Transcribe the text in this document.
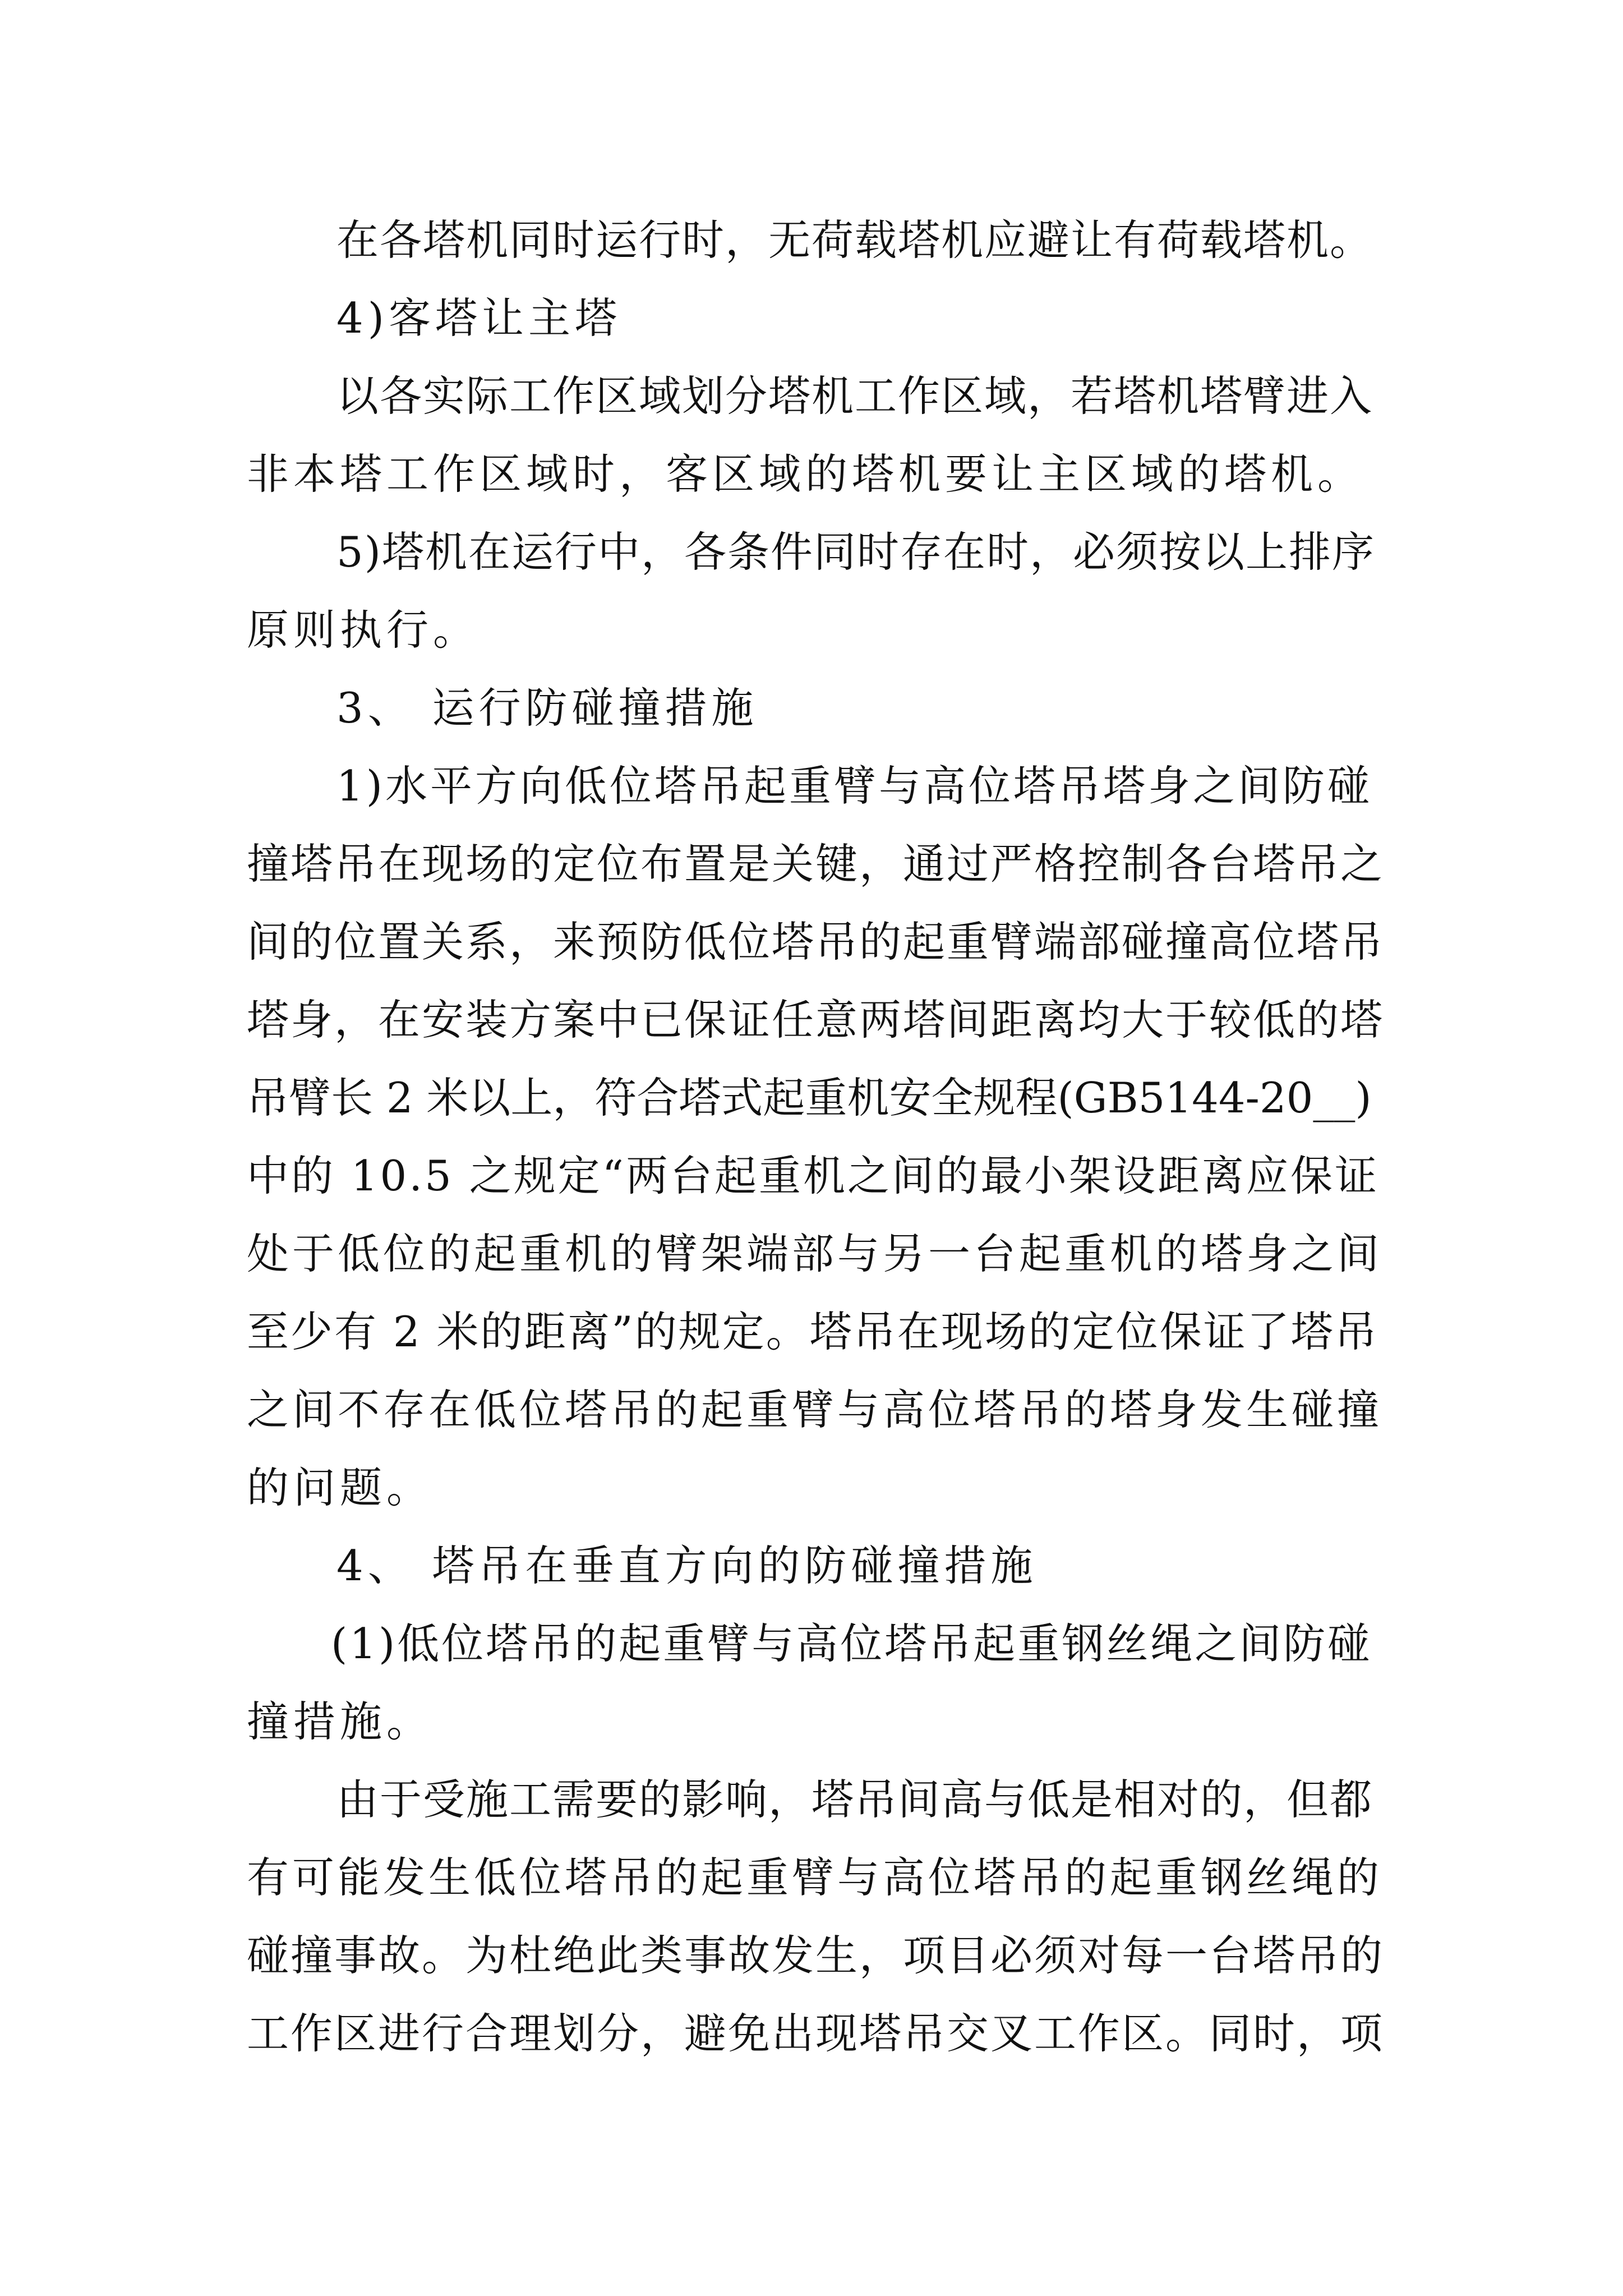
在各塔机同时运行时，无荷载塔机应避让有荷载塔机。
4)客塔让主塔
以各实际工作区域划分塔机工作区域，若塔机塔臂进入
非本塔工作区域时，客区域的塔机要让主区域的塔机。
5)塔机在运行中，各条件同时存在时，必须按以上排序
原则执行。
3、 运行防碰撞措施
1)水平方向低位塔吊起重臂与高位塔吊塔身之间防碰
撞塔吊在现场的定位布置是关键，通过严格控制各台塔吊之
间的位置关系，来预防低位塔吊的起重臂端部碰撞高位塔吊
塔身，在安装方案中已保证任意两塔间距离均大于较低的塔
吊臂长 2 米以上，符合塔式起重机安全规程(GB5144-20__)
中的 10.5 之规定“两台起重机之间的最小架设距离应保证
处于低位的起重机的臂架端部与另一台起重机的塔身之间
至少有 2 米的距离”的规定。塔吊在现场的定位保证了塔吊
之间不存在低位塔吊的起重臂与高位塔吊的塔身发生碰撞
的问题。
4、 塔吊在垂直方向的防碰撞措施
(1)低位塔吊的起重臂与高位塔吊起重钢丝绳之间防碰
撞措施。
由于受施工需要的影响，塔吊间高与低是相对的，但都
有可能发生低位塔吊的起重臂与高位塔吊的起重钢丝绳的
碰撞事故。为杜绝此类事故发生，项目必须对每一台塔吊的
工作区进行合理划分，避免出现塔吊交叉工作区。同时，项
